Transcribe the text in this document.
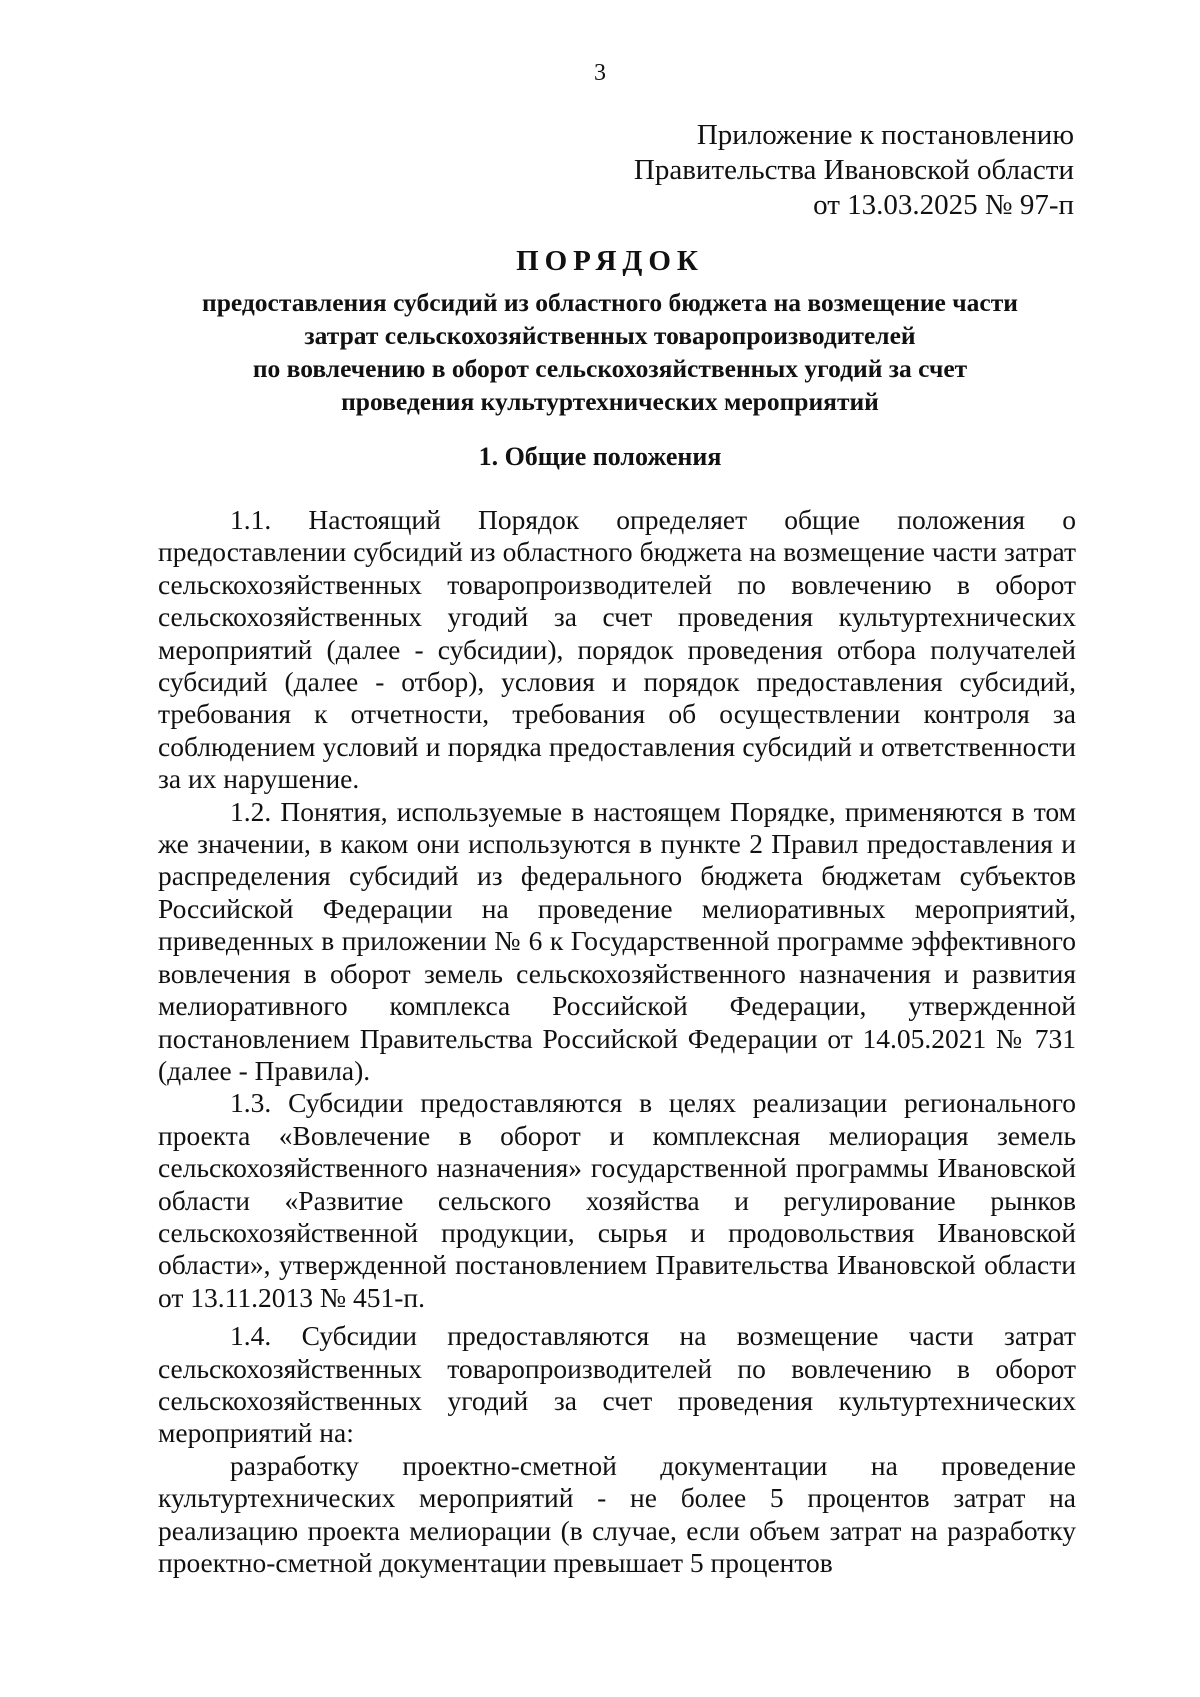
3
Приложение к постановлению
Правительства Ивановской области
от 13.03.2025 № 97-п
ПОРЯДОК
предоставления субсидий из областного бюджета на возмещение части
затрат сельскохозяйственных товаропроизводителей
по вовлечению в оборот сельскохозяйственных угодий за счет
проведения культуртехнических мероприятий
1. Общие положения

1.1. Настоящий Порядок определяет общие положения о предоставлении субсидий из областного бюджета на возмещение части затрат сельскохозяйственных товаропроизводителей по вовлечению в оборот сельскохозяйственных угодий за счет проведения культуртехнических мероприятий (далее - субсидии), порядок проведения отбора получателей субсидий (далее - отбор), условия и порядок предоставления субсидий, требования к отчетности, требования об осуществлении контроля за соблюдением условий и порядка предоставления субсидий и ответственности за их нарушение.

1.2. Понятия, используемые в настоящем Порядке, применяются в том же значении, в каком они используются в пункте 2 Правил предоставления и распределения субсидий из федерального бюджета бюджетам субъектов Российской Федерации на проведение мелиоративных мероприятий, приведенных в приложении № 6 к Государственной программе эффективного вовлечения в оборот земель сельскохозяйственного назначения и развития мелиоративного комплекса Российской Федерации, утвержденной постановлением Правительства Российской Федерации от 14.05.2021 № 731 (далее - Правила).

1.3. Субсидии предоставляются в целях реализации регионального проекта «Вовлечение в оборот и комплексная мелиорация земель сельскохозяйственного назначения» государственной программы Ивановской области «Развитие сельского хозяйства и регулирование рынков сельскохозяйственной продукции, сырья и продовольствия Ивановской области», утвержденной постановлением Правительства Ивановской области от 13.11.2013 № 451-п.

1.4. Субсидии предоставляются на возмещение части затрат сельскохозяйственных товаропроизводителей по вовлечению в оборот сельскохозяйственных угодий за счет проведения культуртехнических мероприятий на:

разработку проектно-сметной документации на проведение культуртехнических мероприятий - не более 5 процентов затрат на реализацию проекта мелиорации (в случае, если объем затрат на разработку проектно-сметной документации превышает 5 процентов
